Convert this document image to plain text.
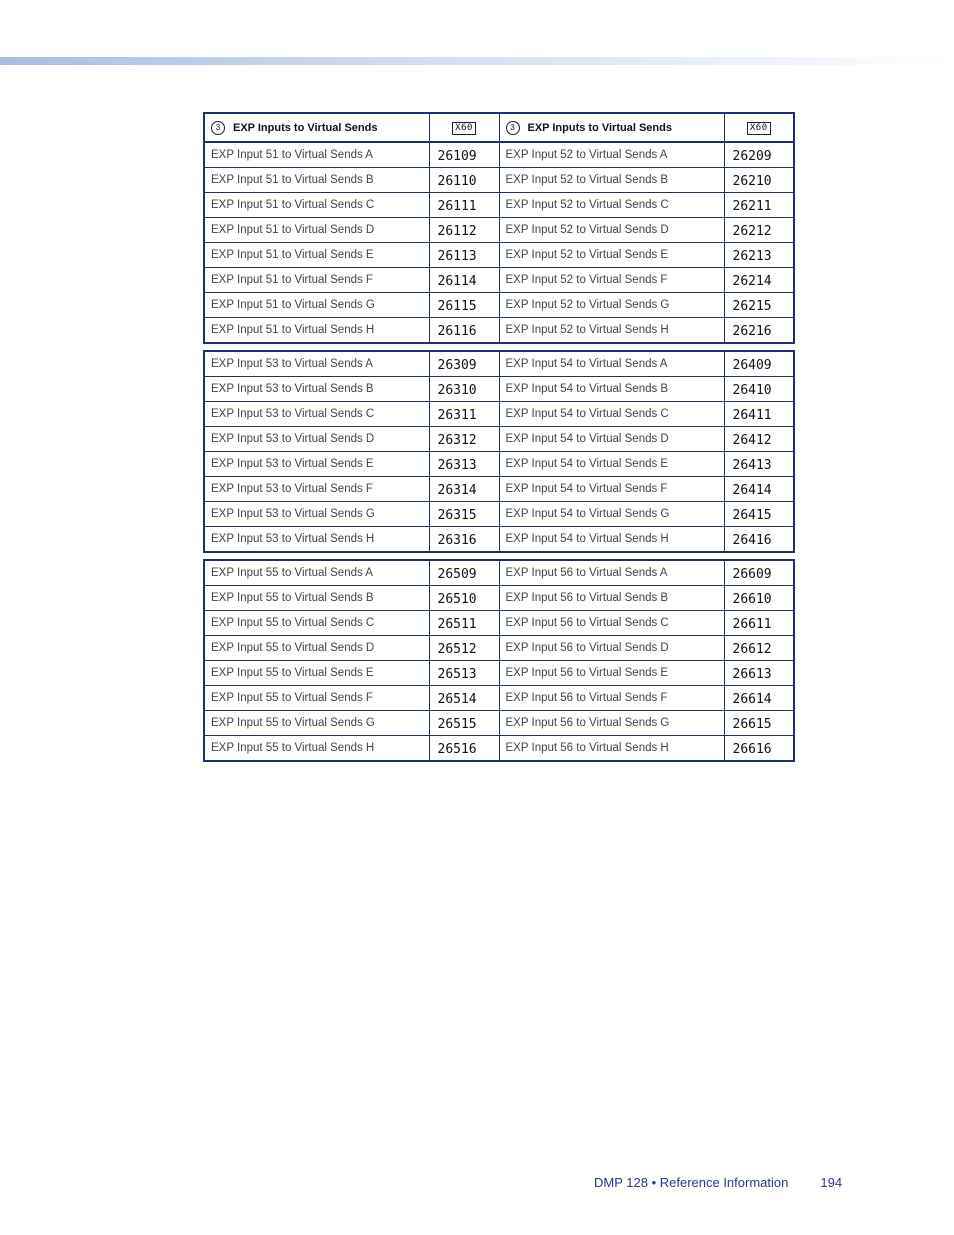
3 EXP Inputs to Virtual Sends	X60	3 EXP Inputs to Virtual Sends	X60
EXP Input 51 to Virtual Sends A	26109	EXP Input 52 to Virtual Sends A	26209
EXP Input 51 to Virtual Sends B	26110	EXP Input 52 to Virtual Sends B	26210
EXP Input 51 to Virtual Sends C	26111	EXP Input 52 to Virtual Sends C	26211
EXP Input 51 to Virtual Sends D	26112	EXP Input 52 to Virtual Sends D	26212
EXP Input 51 to Virtual Sends E	26113	EXP Input 52 to Virtual Sends E	26213
EXP Input 51 to Virtual Sends F	26114	EXP Input 52 to Virtual Sends F	26214
EXP Input 51 to Virtual Sends G	26115	EXP Input 52 to Virtual Sends G	26215
EXP Input 51 to Virtual Sends H	26116	EXP Input 52 to Virtual Sends H	26216

EXP Input 53 to Virtual Sends A	26309	EXP Input 54 to Virtual Sends A	26409
EXP Input 53 to Virtual Sends B	26310	EXP Input 54 to Virtual Sends B	26410
EXP Input 53 to Virtual Sends C	26311	EXP Input 54 to Virtual Sends C	26411
EXP Input 53 to Virtual Sends D	26312	EXP Input 54 to Virtual Sends D	26412
EXP Input 53 to Virtual Sends E	26313	EXP Input 54 to Virtual Sends E	26413
EXP Input 53 to Virtual Sends F	26314	EXP Input 54 to Virtual Sends F	26414
EXP Input 53 to Virtual Sends G	26315	EXP Input 54 to Virtual Sends G	26415
EXP Input 53 to Virtual Sends H	26316	EXP Input 54 to Virtual Sends H	26416

EXP Input 55 to Virtual Sends A	26509	EXP Input 56 to Virtual Sends A	26609
EXP Input 55 to Virtual Sends B	26510	EXP Input 56 to Virtual Sends B	26610
EXP Input 55 to Virtual Sends C	26511	EXP Input 56 to Virtual Sends C	26611
EXP Input 55 to Virtual Sends D	26512	EXP Input 56 to Virtual Sends D	26612
EXP Input 55 to Virtual Sends E	26513	EXP Input 56 to Virtual Sends E	26613
EXP Input 55 to Virtual Sends F	26514	EXP Input 56 to Virtual Sends F	26614
EXP Input 55 to Virtual Sends G	26515	EXP Input 56 to Virtual Sends G	26615
EXP Input 55 to Virtual Sends H	26516	EXP Input 56 to Virtual Sends H	26616
DMP 128 • Reference Information 194
